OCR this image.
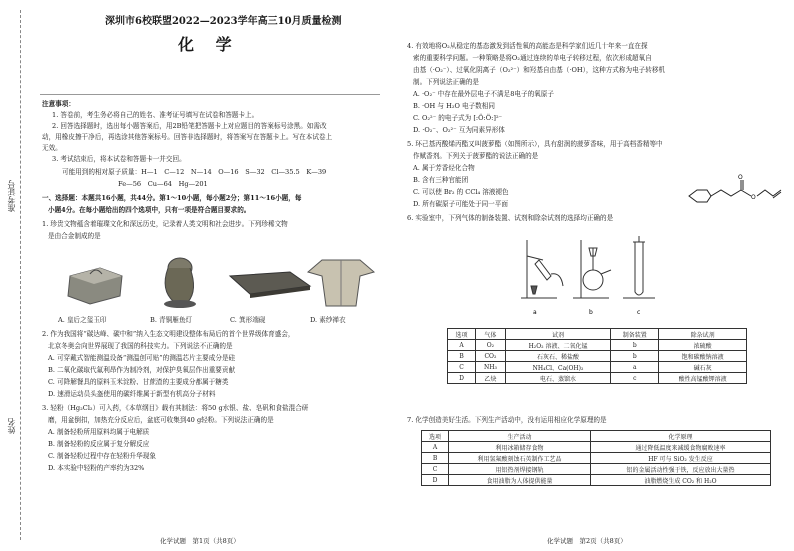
准考证号
姓名
深圳市6校联盟2022—2023学年高三10月质量检测
化 学
注意事项：
1. 答卷前，考生务必将自己的姓名、准考证号填写在试卷和答题卡上。
2. 回答选择题时，选出每小题答案后，用2B铅笔把答题卡上对应题目的答案标号涂黑。如需改
动，用橡皮擦干净后，再选涂其他答案标号。回答非选择题时，将答案写在答题卡上。写在本试卷上
无效。
3. 考试结束后，将本试卷和答题卡一并交回。
可能用到的相对原子质量：H—1　C—12　N—14　O—16　S—32　Cl—35.5　K—39
Fe—56　Cu—64　Hg—201
一、选择题：本题共16小题，共44分。第1～10小题，每小题2分；第11～16小题，每
小题4分。在每小题给出的四个选项中，只有一项是符合题目要求的。
1. 珍贵文物蕴含着璀璨文化和深远历史，记录着人类文明和社会进步。下列珍稀文物
是由合金制成的是
A. 皇后之玺玉印	B. 青铜雁鱼灯	C. 箕形端砚	D. 素纱禅衣
2. 作为我国将“碳达峰、碳中和”纳入生态文明建设整体布局后的首个世界级体育盛会，
北京冬奥会向世界展现了我国的科技实力。下列说法不正确的是
A. 可穿戴式智能测温设备“测温创可贴”的测温芯片主要成分是硅
B. 二氧化碳取代氟利昂作为制冷剂，对保护臭氧层作出重要贡献
C. 可降解餐具的原料玉米淀粉、甘蔗渣的主要成分都属于糖类
D. 速滑运动员头盔使用的碳纤维属于新型有机高分子材料
3. 轻粉（Hg₂Cl₂）可入药，《本草纲目》载有其制法：将50 g水银、盐、皂矾和食盐混合研
磨，用盆倒扣，加热充分反应后，盆底可收集到40 g轻粉。下列说法正确的是
A. 制备轻粉所用原料均属于电解质
B. 制备轻粉的反应属于复分解反应
C. 制备轻粉过程中存在轻粉升华现象
D. 本实验中轻粉的产率约为32%
化学试题　第1页（共8页）
4. 有效地将O₂从稳定的基态激发到活性氧的高能态是科学家们近几十年来一直在探
索的重要科学问题。一种策略是将O₂通过连续的单电子转移过程，依次形成超氧自
由基（·O₂⁻）、过氧化阴离子（O₂²⁻）和羟基自由基（·OH），这种方式称为电子转移机
制。下列说法正确的是
A. ·O₂⁻ 中存在最外层电子不满足8电子的氧原子
B. ·OH 与 H₂O 电子数相同
C. O₂²⁻ 的电子式为 [:Ö:Ö:]²⁻
D. ·O₂⁻、O₂²⁻ 互为同素异形体
5. 环己基丙酸烯丙酯又叫菠萝酯（如图所示），具有甜润的菠萝香味，用于高档香精等中
作赋香剂。下列关于菠萝酯的说法正确的是
A. 属于芳香烃化合物
B. 含有三种官能团
C. 可以使 Br₂ 的 CCl₄ 溶液褪色
D. 所有碳原子可能处于同一平面
O
O
6. 实验室中，下列气体的制备装置、试剂和除杂试剂的选择均正确的是
a	b	c
选项	气体	试剂	制备装置	除杂试剂
A	O₂	H₂O₂ 溶液、二氧化锰	b	浓硫酸
B	CO₂	石灰石、稀盐酸	b	饱和碳酸钠溶液
C	NH₃	NH₄Cl、Ca(OH)₂	a	碱石灰
D	乙炔	电石、蒸馏水	c	酸性高锰酸钾溶液
7. 化学创造美好生活。下列生产活动中，没有运用相应化学原理的是
选项	生产活动	化学原理
A	利用冰箱储存食物	通过降低温度来减缓食物腐败速率
B	利用氢氟酸刻蚀石英制作工艺品	HF 可与 SiO₂ 发生反应
C	用铝热剂焊接钢轨	铝的金属活动性强于铁，反应放出大量热
D	食用油脂为人体提供能量	油脂燃烧生成 CO₂ 和 H₂O
化学试题　第2页（共8页）
